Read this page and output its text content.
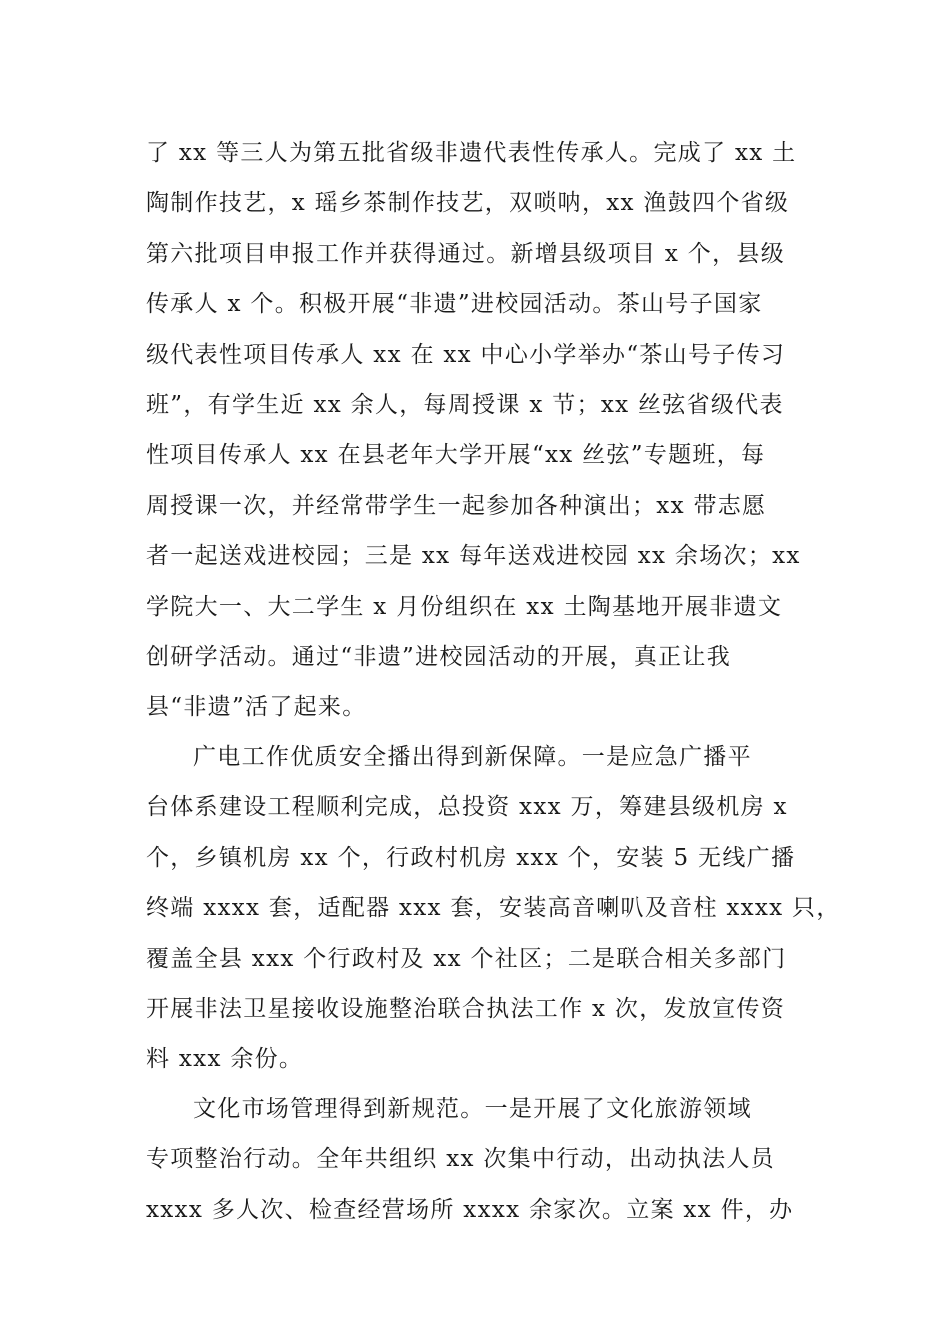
了 xx 等三人为第五批省级非遗代表性传承人。完成了 xx 土
陶制作技艺，x 瑶乡茶制作技艺，双唢呐，xx 渔鼓四个省级
第六批项目申报工作并获得通过。新增县级项目 x 个，县级
传承人 x 个。积极开展“非遗”进校园活动。茶山号子国家
级代表性项目传承人 xx 在 xx 中心小学举办“茶山号子传习
班”，有学生近 xx 余人，每周授课 x 节；xx 丝弦省级代表
性项目传承人 xx 在县老年大学开展“xx 丝弦”专题班，每
周授课一次，并经常带学生一起参加各种演出；xx 带志愿
者一起送戏进校园；三是 xx 每年送戏进校园 xx 余场次；xx
学院大一、大二学生 x 月份组织在 xx 土陶基地开展非遗文
创研学活动。通过“非遗”进校园活动的开展，真正让我
县“非遗”活了起来。
广电工作优质安全播出得到新保障。一是应急广播平
台体系建设工程顺利完成，总投资 xxx 万，筹建县级机房 x
个，乡镇机房 xx 个，行政村机房 xxx 个，安装 5 无线广播
终端 xxxx 套，适配器 xxx 套，安装高音喇叭及音柱 xxxx 只，
覆盖全县 xxx 个行政村及 xx 个社区；二是联合相关多部门
开展非法卫星接收设施整治联合执法工作 x 次，发放宣传资
料 xxx 余份。
文化市场管理得到新规范。一是开展了文化旅游领域
专项整治行动。全年共组织 xx 次集中行动，出动执法人员
xxxx 多人次、检查经营场所 xxxx 余家次。立案 xx 件，办
